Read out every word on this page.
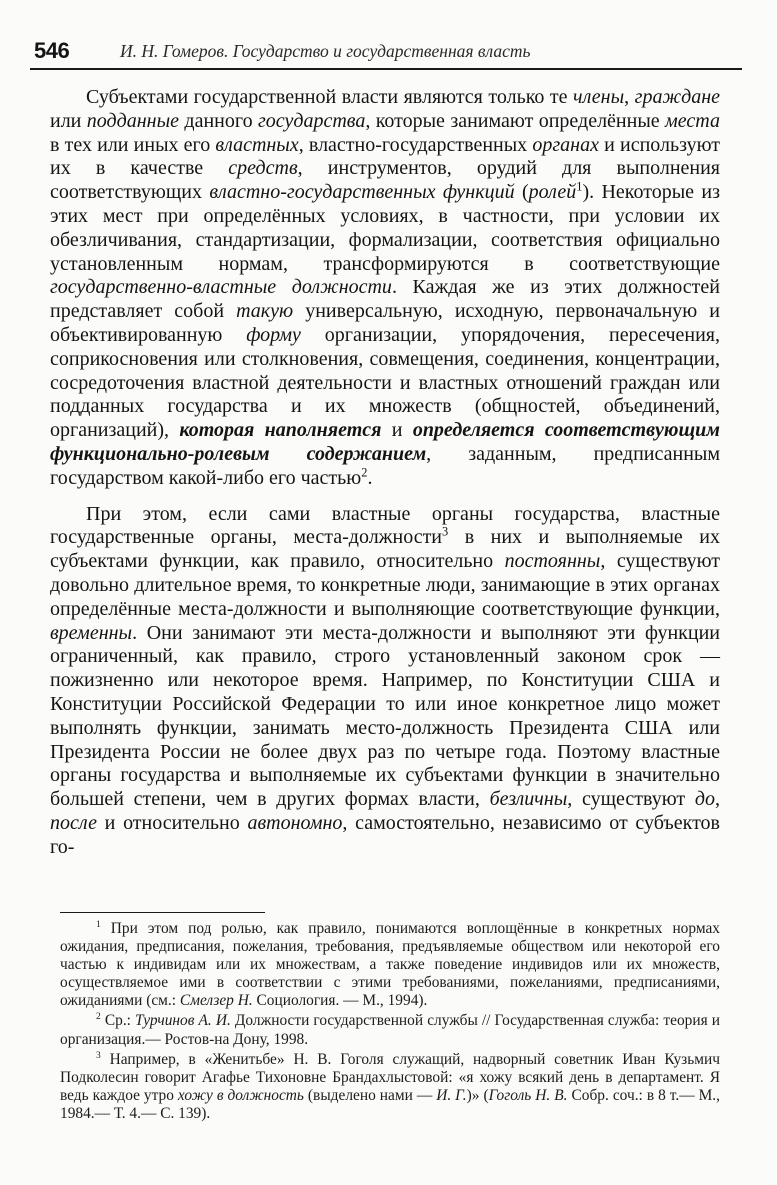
546	И. Н. Гомеров. Государство и государственная власть

Субъектами государственной власти являются только те члены, граждане или подданные данного государства, которые занимают определённые места в тех или иных его властных, властно-государственных органах и используют их в качестве средств, инструментов, орудий для выполнения соответствующих властно-государственных функций (ролей$^1$). Некоторые из этих мест при определённых условиях, в частности, при условии их обезличивания, стандартизации, формализации, соответствия официально установленным нормам, трансформируются в соответствующие государственно-властные должности. Каждая же из этих должностей представляет собой такую универсальную, исходную, первоначальную и объективированную форму организации, упорядочения, пересечения, соприкосновения или столкновения, совмещения, соединения, концентрации, сосредоточения властной деятельности и властных отношений граждан или подданных государства и их множеств (общностей, объединений, организаций), которая наполняется и определяется соответствующим функционально-ролевым содержанием, заданным, предписанным государством какой-либо его частью$^2$.

При этом, если сами властные органы государства, властные государственные органы, места-должности$^3$ в них и выполняемые их субъектами функции, как правило, относительно постоянны, существуют довольно длительное время, то конкретные люди, занимающие в этих органах определённые места-должности и выполняющие соответствующие функции, временны. Они занимают эти места-должности и выполняют эти функции ограниченный, как правило, строго установленный законом срок — пожизненно или некоторое время. Например, по Конституции США и Конституции Российской Федерации то или иное конкретное лицо может выполнять функции, занимать место-должность Президента США или Президента России не более двух раз по четыре года. Поэтому властные органы государства и выполняемые их субъектами функции в значительно большей степени, чем в других формах власти, безличны, существуют до, после и относительно автономно, самостоятельно, независимо от субъектов го-

$^1$ При этом под ролью, как правило, понимаются воплощённые в конкретных нормах ожидания, предписания, пожелания, требования, предъявляемые обществом или некоторой его частью к индивидам или их множествам, а также поведение индивидов или их множеств, осуществляемое ими в соответствии с этими требованиями, пожеланиями, предписаниями, ожиданиями (см.: Смелзер Н. Социология. — М., 1994).

$^2$ Ср.: Турчинов А. И. Должности государственной службы // Государственная служба: теория и организация.— Ростов-на Дону, 1998.

$^3$ Например, в «Женитьбе» Н. В. Гоголя служащий, надворный советник Иван Кузьмич Подколесин говорит Агафье Тихоновне Брандахлыстовой: «я хожу всякий день в департамент. Я ведь каждое утро хожу в должность (выделено нами — И. Г.)» (Гоголь Н. В. Собр. соч.: в 8 т.— М., 1984.— Т. 4.— С. 139).
